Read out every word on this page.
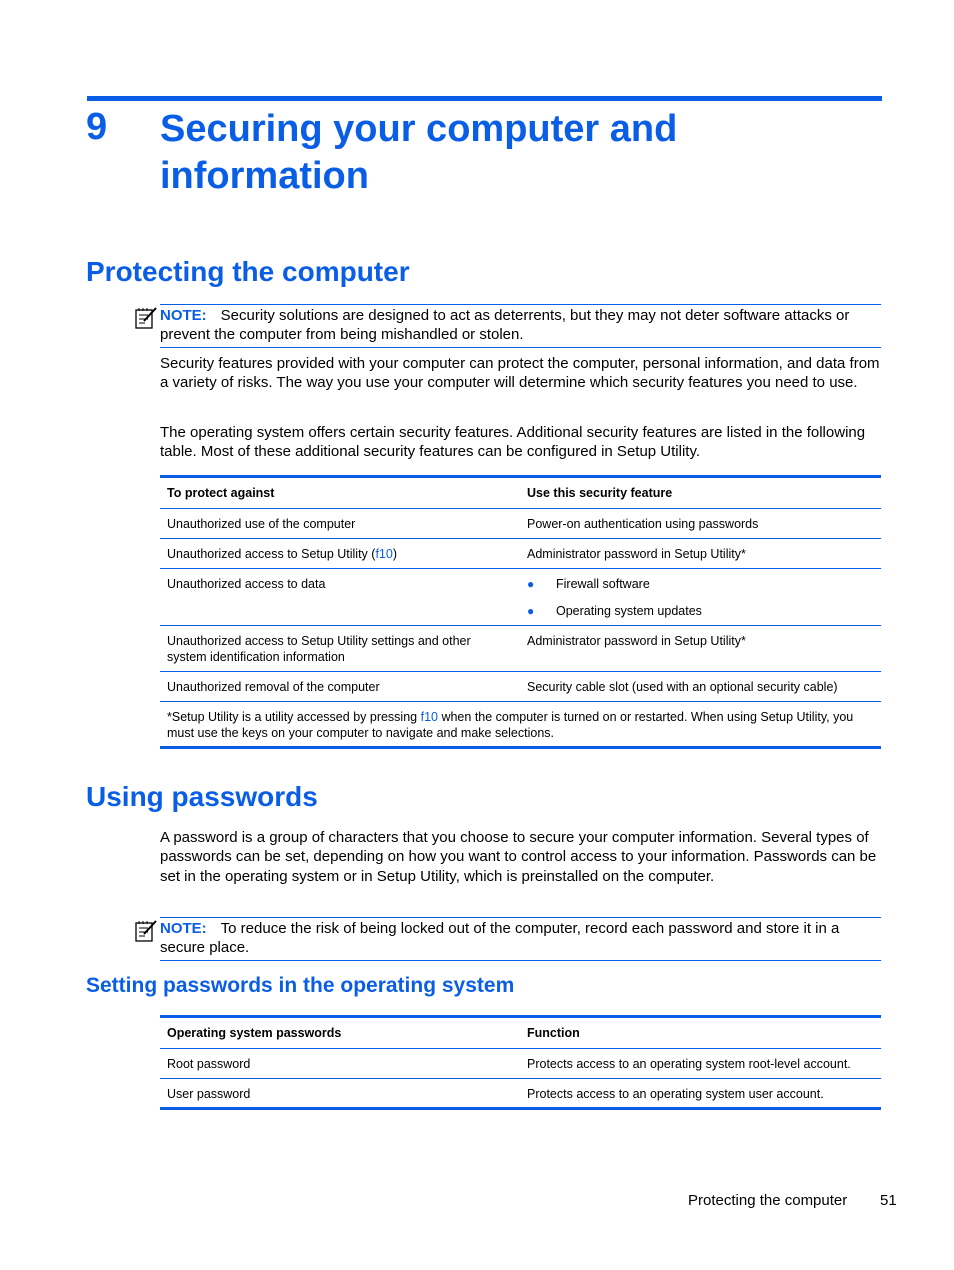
9 Securing your computer and information
Protecting the computer
NOTE: Security solutions are designed to act as deterrents, but they may not deter software attacks or prevent the computer from being mishandled or stolen.
Security features provided with your computer can protect the computer, personal information, and data from a variety of risks. The way you use your computer will determine which security features you need to use.
The operating system offers certain security features. Additional security features are listed in the following table. Most of these additional security features can be configured in Setup Utility.
To protect against	Use this security feature
Unauthorized use of the computer	Power-on authentication using passwords
Unauthorized access to Setup Utility (f10)	Administrator password in Setup Utility*
Unauthorized access to data	● Firewall software
● Operating system updates

Unauthorized access to Setup Utility settings and other system identification information	Administrator password in Setup Utility*
Unauthorized removal of the computer	Security cable slot (used with an optional security cable)
*Setup Utility is a utility accessed by pressing f10 when the computer is turned on or restarted. When using Setup Utility, you must use the keys on your computer to navigate and make selections.	
Using passwords
A password is a group of characters that you choose to secure your computer information. Several types of passwords can be set, depending on how you want to control access to your information. Passwords can be set in the operating system or in Setup Utility, which is preinstalled on the computer.
NOTE: To reduce the risk of being locked out of the computer, record each password and store it in a secure place.
Setting passwords in the operating system
Operating system passwords	Function
Root password	Protects access to an operating system root-level account.
User password	Protects access to an operating system user account.
Protecting the computer 51
